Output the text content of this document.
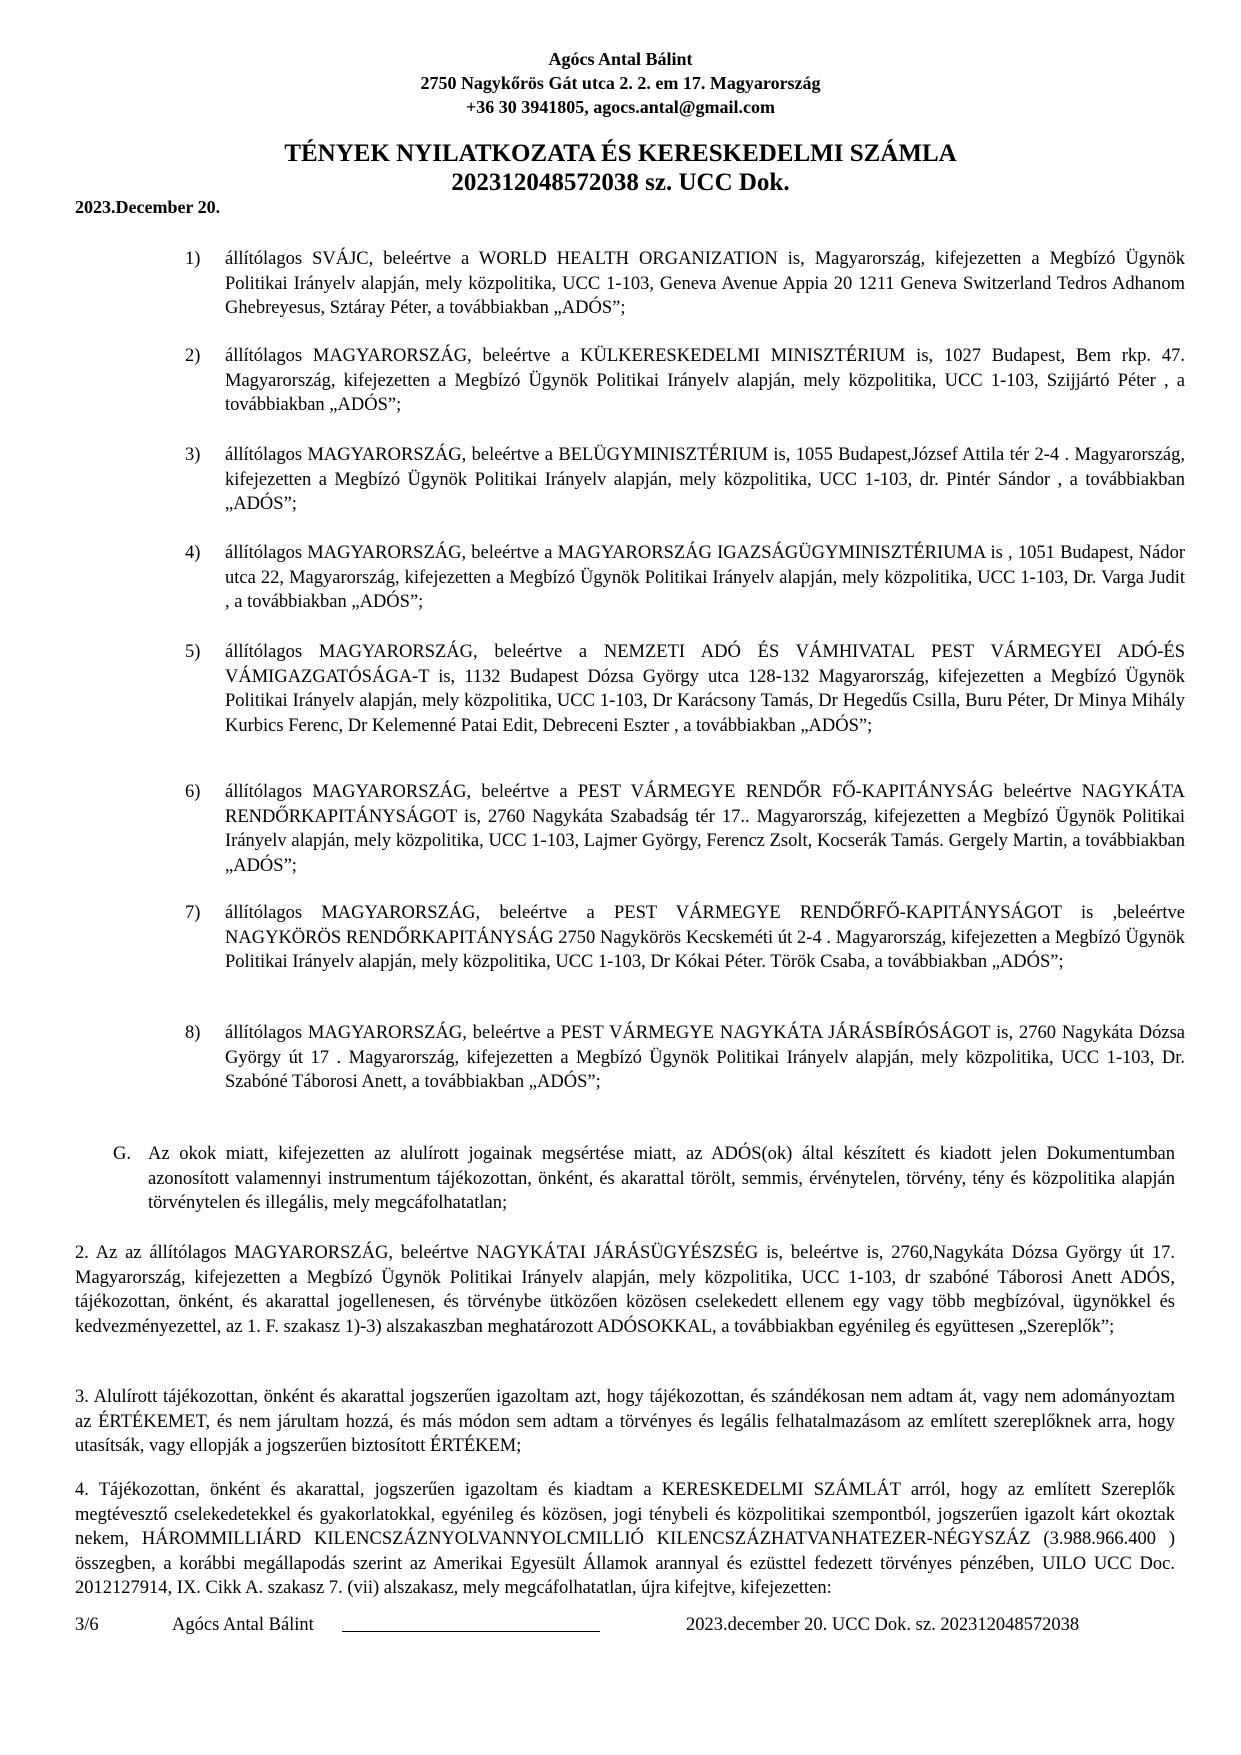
Agócs Antal Bálint
2750 Nagykőrös Gát utca 2. 2. em 17. Magyarország
+36 30 3941805, agocs.antal@gmail.com
TÉNYEK NYILATKOZATA ÉS KERESKEDELMI SZÁMLA
202312048572038 sz. UCC Dok.
2023.December 20.
1)	állítólagos SVÁJC, beleértve a WORLD HEALTH ORGANIZATION is, Magyarország, kifejezetten a Megbízó Ügynök Politikai Irányelv alapján, mely közpolitika, UCC 1-103, Geneva Avenue Appia 20 1211 Geneva Switzerland Tedros Adhanom Ghebreyesus, Sztáray Péter, a továbbiakban „ADÓS”;
2)	állítólagos MAGYARORSZÁG, beleértve a KÜLKERESKEDELMI MINISZTÉRIUM is, 1027 Budapest, Bem rkp. 47. Magyarország, kifejezetten a Megbízó Ügynök Politikai Irányelv alapján, mely közpolitika, UCC 1-103, Szijjártó Péter , a továbbiakban „ADÓS”;
3)	állítólagos MAGYARORSZÁG, beleértve a BELÜGYMINISZTÉRIUM is, 1055 Budapest,József Attila tér 2-4 . Magyarország, kifejezetten a Megbízó Ügynök Politikai Irányelv alapján, mely közpolitika, UCC 1-103, dr. Pintér Sándor , a továbbiakban „ADÓS”;
4)	állítólagos MAGYARORSZÁG, beleértve a MAGYARORSZÁG IGAZSÁGÜGYMINISZTÉRIUMA is , 1051 Budapest, Nádor utca 22, Magyarország, kifejezetten a Megbízó Ügynök Politikai Irányelv alapján, mely közpolitika, UCC 1-103, Dr. Varga Judit , a továbbiakban „ADÓS”;
5)	állítólagos MAGYARORSZÁG, beleértve a NEMZETI ADÓ ÉS VÁMHIVATAL PEST VÁRMEGYEI ADÓ-ÉS VÁMIGAZGATÓSÁGA-T is, 1132 Budapest Dózsa György utca 128-132 Magyarország, kifejezetten a Megbízó Ügynök Politikai Irányelv alapján, mely közpolitika, UCC 1-103, Dr Karácsony Tamás, Dr Hegedűs Csilla, Buru Péter, Dr Minya Mihály Kurbics Ferenc, Dr Kelemenné Patai Edit, Debreceni Eszter , a továbbiakban „ADÓS”;
6)	állítólagos MAGYARORSZÁG, beleértve a PEST VÁRMEGYE RENDŐR FŐ-KAPITÁNYSÁG beleértve NAGYKÁTA RENDŐRKAPITÁNYSÁGOT is, 2760 Nagykáta Szabadság tér 17.. Magyarország, kifejezetten a Megbízó Ügynök Politikai Irányelv alapján, mely közpolitika, UCC 1-103, Lajmer György, Ferencz Zsolt, Kocserák Tamás. Gergely Martin, a továbbiakban „ADÓS”;
7)	állítólagos MAGYARORSZÁG, beleértve a PEST VÁRMEGYE RENDŐRFŐ-KAPITÁNYSÁGOT is ,beleértve NAGYKÖRÖS RENDŐRKAPITÁNYSÁG 2750 Nagykörös Kecskeméti út 2-4 . Magyarország, kifejezetten a Megbízó Ügynök Politikai Irányelv alapján, mely közpolitika, UCC 1-103, Dr Kókai Péter. Török Csaba, a továbbiakban „ADÓS”;
8)	állítólagos MAGYARORSZÁG, beleértve a PEST VÁRMEGYE NAGYKÁTA JÁRÁSBÍRÓSÁGOT is, 2760 Nagykáta Dózsa György út 17 . Magyarország, kifejezetten a Megbízó Ügynök Politikai Irányelv alapján, mely közpolitika, UCC 1-103, Dr. Szabóné Táborosi Anett, a továbbiakban „ADÓS”;
G. Az okok miatt, kifejezetten az alulírott jogainak megsértése miatt, az ADÓS(ok) által készített és kiadott jelen Dokumentumban azonosított valamennyi instrumentum tájékozottan, önként, és akarattal törölt, semmis, érvénytelen, törvény, tény és közpolitika alapján törvénytelen és illegális, mely megcáfolhatatlan;
2. Az az állítólagos MAGYARORSZÁG, beleértve NAGYKÁTAI JÁRÁSÜGYÉSZSÉG is, beleértve is, 2760,Nagykáta Dózsa György út 17. Magyarország, kifejezetten a Megbízó Ügynök Politikai Irányelv alapján, mely közpolitika, UCC 1-103, dr szabóné Táborosi Anett ADÓS, tájékozottan, önként, és akarattal jogellenesen, és törvénybe ütközően közösen cselekedett ellenem egy vagy több megbízóval, ügynökkel és kedvezményezettel, az 1. F. szakasz 1)-3) alszakaszban meghatározott ADÓSOKKAL, a továbbiakban egyénileg és együttesen „Szereplők”;
3. Alulírott tájékozottan, önként és akarattal jogszerűen igazoltam azt, hogy tájékozottan, és szándékosan nem adtam át, vagy nem adományoztam az ÉRTÉKEMET, és nem járultam hozzá, és más módon sem adtam a törvényes és legális felhatalmazásom az említett szereplőknek arra, hogy utasítsák, vagy ellopják a jogszerűen biztosított ÉRTÉKEM;
4. Tájékozottan, önként és akarattal, jogszerűen igazoltam és kiadtam a KERESKEDELMI SZÁMLÁT arról, hogy az említett Szereplők megtévesztő cselekedetekkel és gyakorlatokkal, egyénileg és közösen, jogi ténybeli és közpolitikai szempontból, jogszerűen igazolt kárt okoztak nekem, HÁROMMILLIÁRD KILENCSZÁZNYOLVANNYOLCMILLIÓ KILENCSZÁZHATVANHATEZER-NÉGYSZÁZ (3.988.966.400 ) összegben, a korábbi megállapodás szerint az Amerikai Egyesült Államok arannyal és ezüsttel fedezett törvényes pénzében, UILO UCC Doc. 2012127914, IX. Cikk A. szakasz 7. (vii) alszakasz, mely megcáfolhatatlan, újra kifejtve, kifejezetten:
3/6	Agócs Antal Bálint	2023.december 20. UCC Dok. sz. 202312048572038
